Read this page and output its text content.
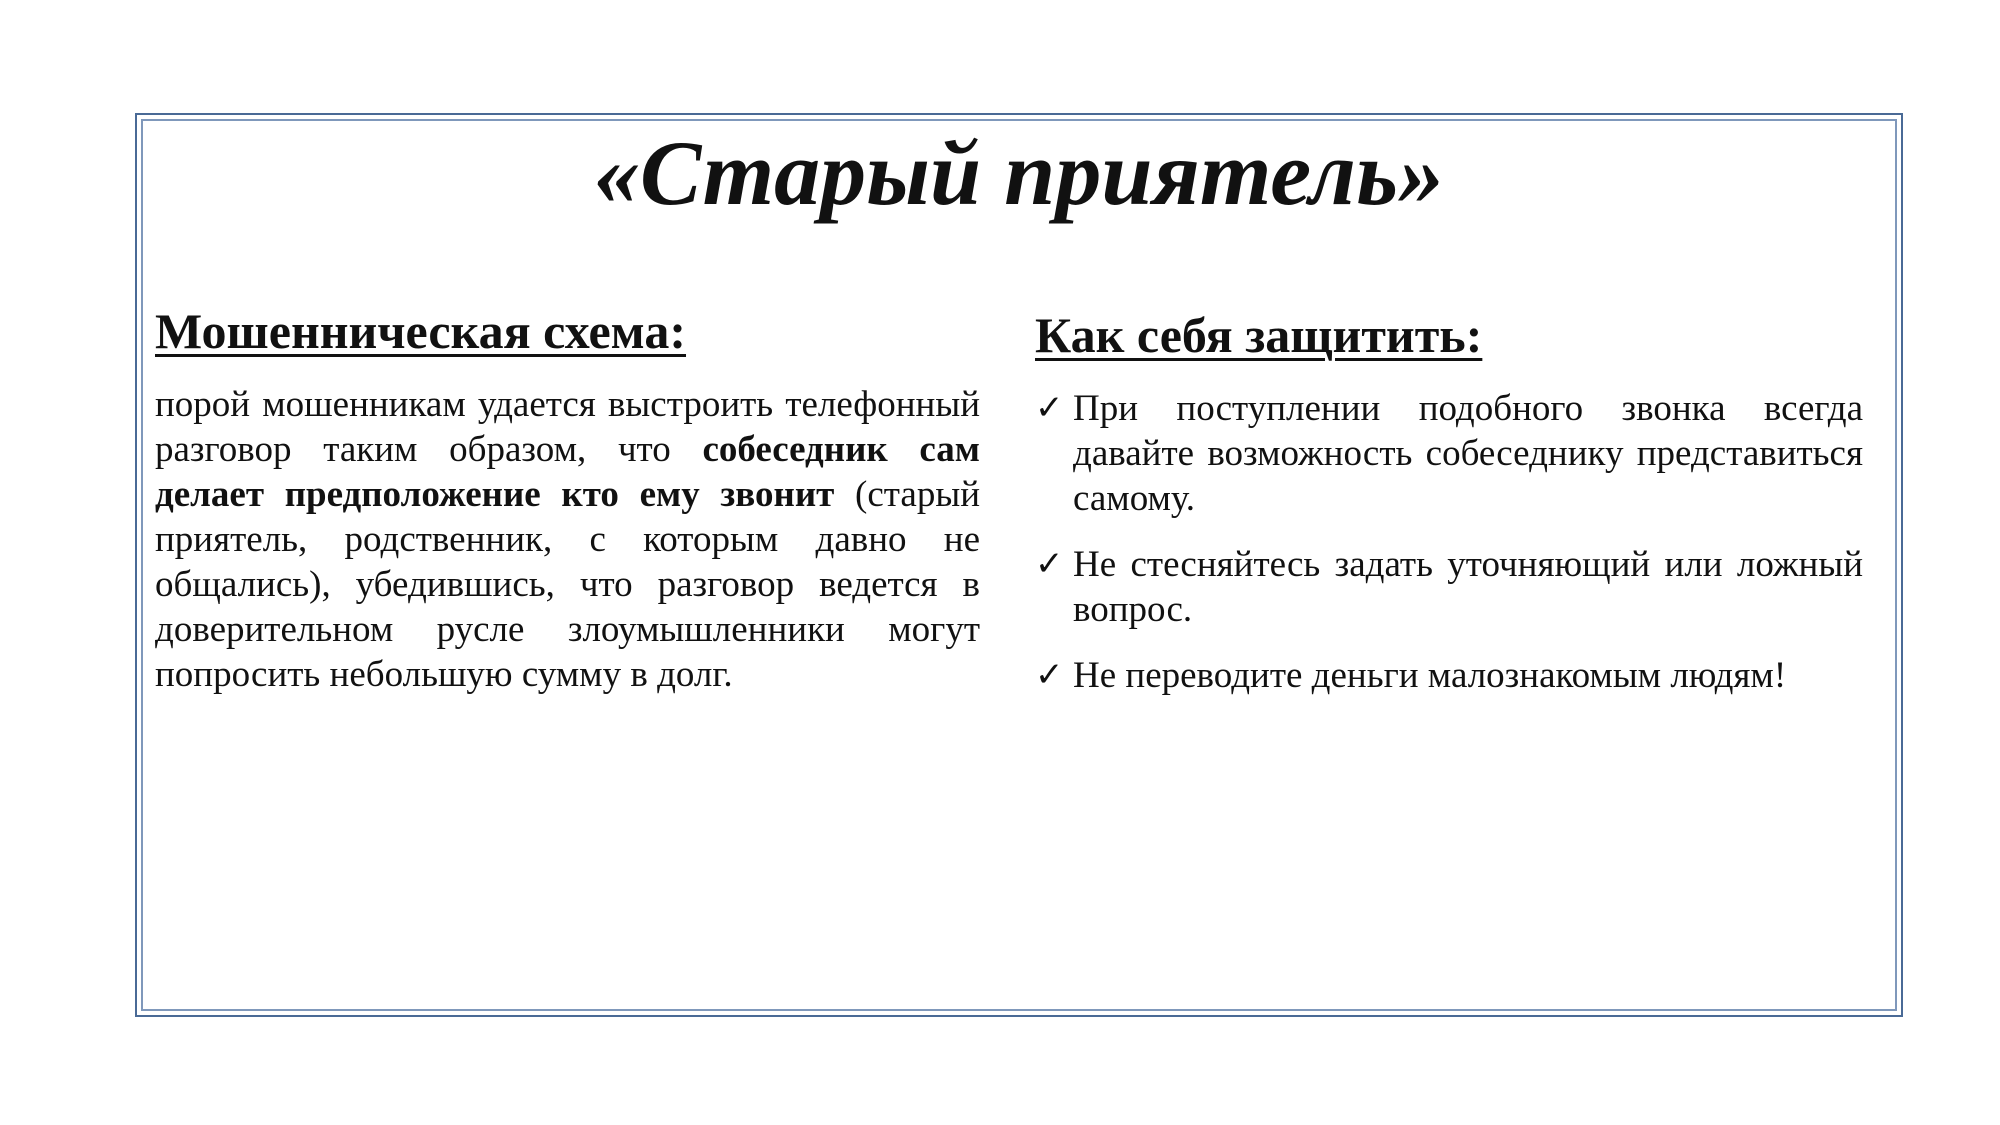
«Старый приятель»
Мошенническая схема:

порой мошенникам удается выстроить телефонный разговор таким образом, что собеседник сам делает предположение кто ему звонит (старый приятель, родственник, с которым давно не общались), убедившись, что разговор ведется в доверительном русле злоумышленники могут попросить небольшую сумму в долг.

Как себя защитить:
✓ При поступлении подобного звонка всегда давайте возможность собеседнику представиться самому.
✓ Не стесняйтесь задать уточняющий или ложный вопрос.
✓ Не переводите деньги малознакомым людям!
